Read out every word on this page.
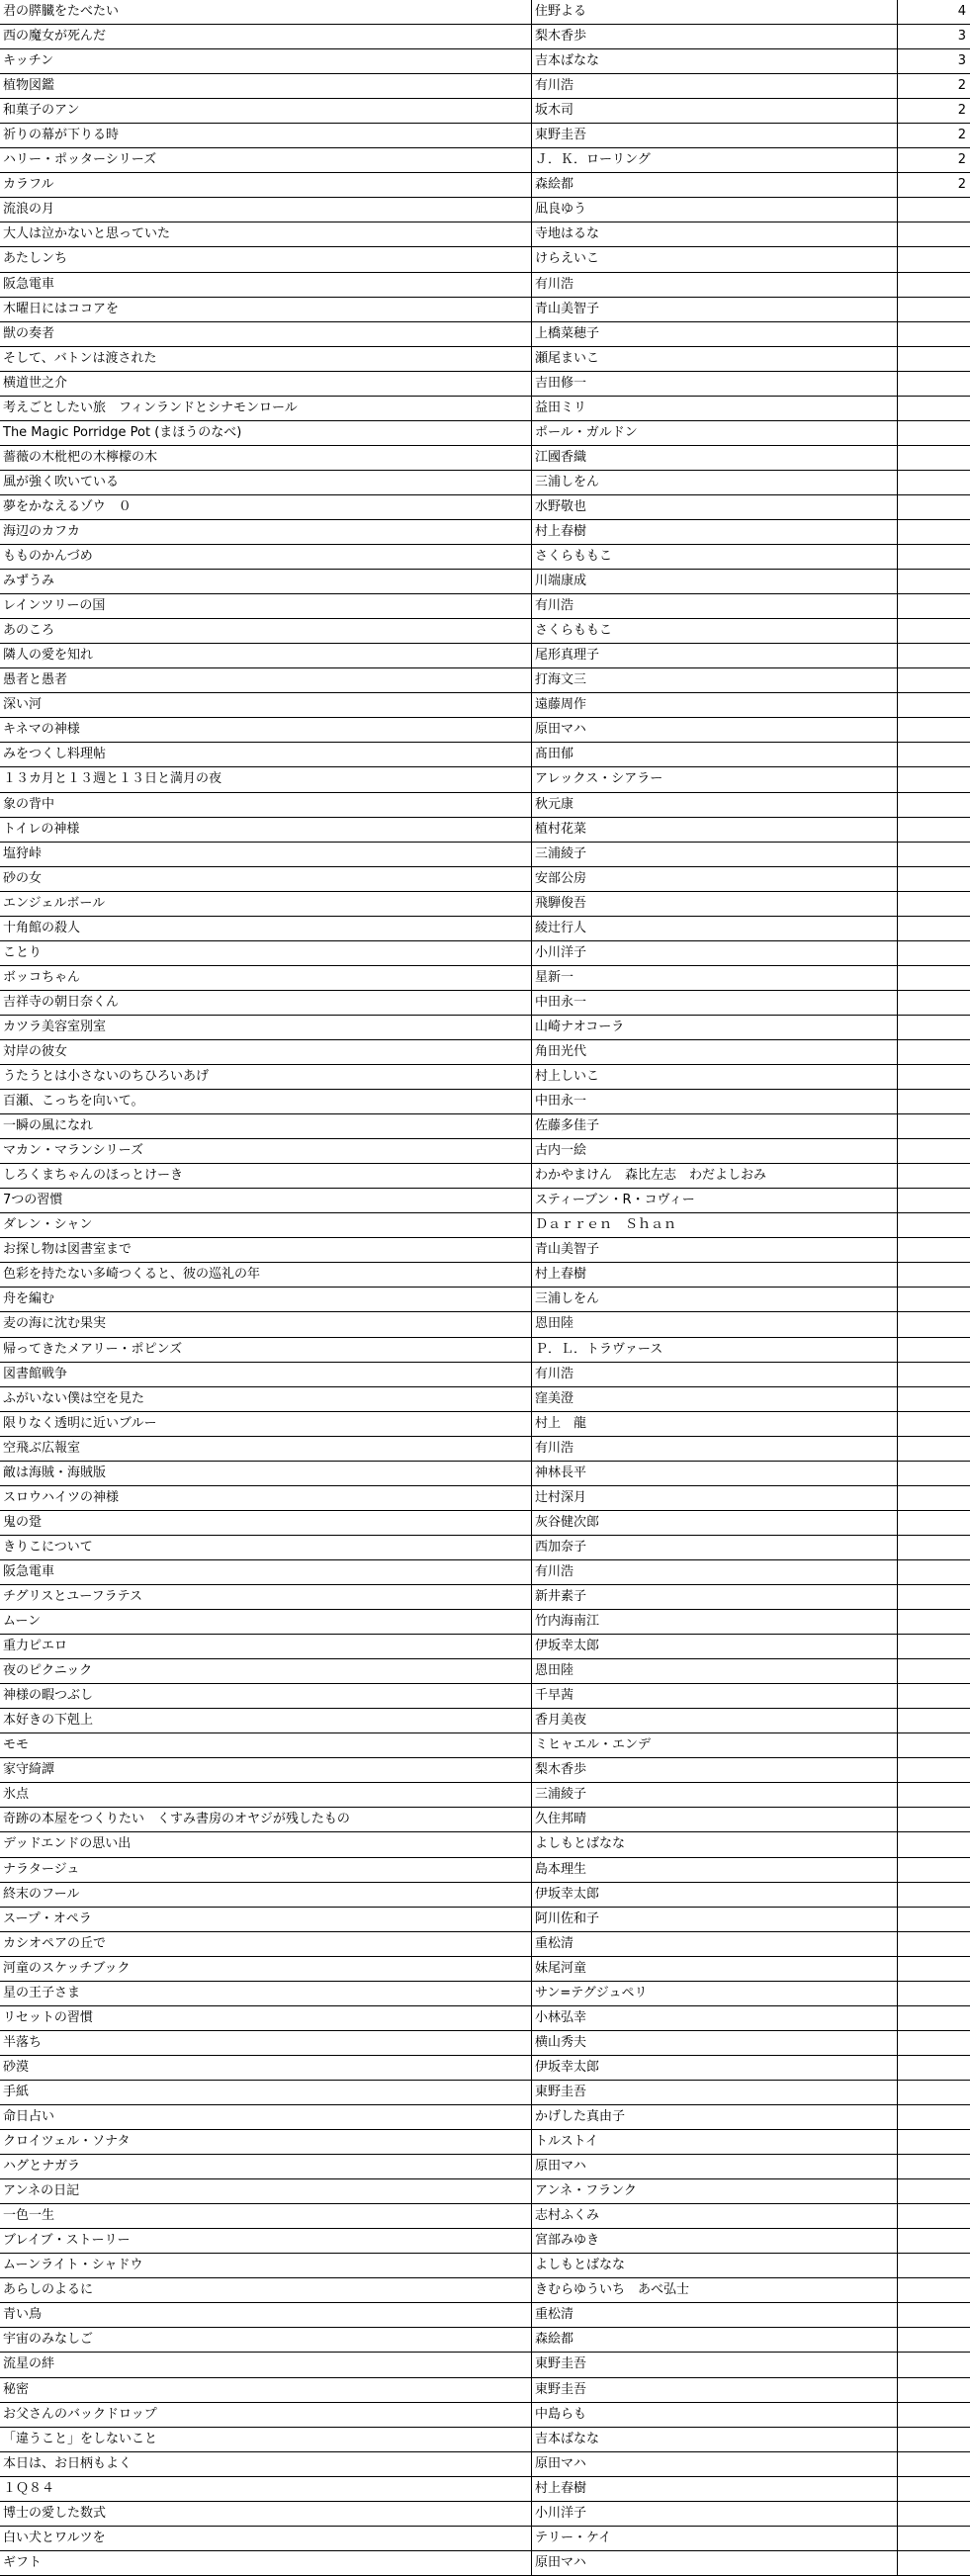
君の膵臓をたべたい	住野よる	4
西の魔女が死んだ	梨木香歩	3
キッチン	吉本ばなな	3
植物図鑑	有川浩	2
和菓子のアン	坂木司	2
祈りの幕が下りる時	東野圭吾	2
ハリー・ポッターシリーズ	Ｊ．Ｋ．ローリング	2
カラフル	森絵都	2
流浪の月	凪良ゆう
大人は泣かないと思っていた	寺地はるな
あたしンち	けらえいこ
阪急電車	有川浩
木曜日にはココアを	青山美智子
獣の奏者	上橋菜穂子
そして、バトンは渡された	瀬尾まいこ
横道世之介	吉田修一
考えごとしたい旅　フィンランドとシナモンロール	益田ミリ
The Magic Porridge Pot (まほうのなべ)	ポール・ガルドン
薔薇の木枇杷の木檸檬の木	江國香織
風が強く吹いている	三浦しをん
夢をかなえるゾウ　０	水野敬也
海辺のカフカ	村上春樹
もものかんづめ	さくらももこ
みずうみ	川端康成
レインツリーの国	有川浩
あのころ	さくらももこ
隣人の愛を知れ	尾形真理子
愚者と愚者	打海文三
深い河	遠藤周作
キネマの神様	原田マハ
みをつくし料理帖	髙田郁
１３カ月と１３週と１３日と満月の夜	アレックス・シアラー
象の背中	秋元康
トイレの神様	植村花菜
塩狩峠	三浦綾子
砂の女	安部公房
エンジェルボール	飛騨俊吾
十角館の殺人	綾辻行人
ことり	小川洋子
ボッコちゃん	星新一
吉祥寺の朝日奈くん	中田永一
カツラ美容室別室	山崎ナオコーラ
対岸の彼女	角田光代
うたうとは小さないのちひろいあげ	村上しいこ
百瀬、こっちを向いて。	中田永一
一瞬の風になれ	佐藤多佳子
マカン・マランシリーズ	古内一絵
しろくまちゃんのほっとけーき	わかやまけん　森比左志　わだよしおみ
7つの習慣	スティーブン・R・コヴィー
ダレン・シャン	Ｄａｒｒｅｎ　Ｓｈａｎ
お探し物は図書室まで	青山美智子
色彩を持たない多崎つくると、彼の巡礼の年	村上春樹
舟を編む	三浦しをん
麦の海に沈む果実	恩田陸
帰ってきたメアリー・ポピンズ	Ｐ．Ｌ．トラヴァース
図書館戦争	有川浩
ふがいない僕は空を見た	窪美澄
限りなく透明に近いブルー	村上　龍
空飛ぶ広報室	有川浩
敵は海賊・海賊版	神林長平
スロウハイツの神様	辻村深月
鬼の跫	灰谷健次郎
きりこについて	西加奈子
阪急電車	有川浩
チグリスとユーフラテス	新井素子
ムーン	竹内海南江
重力ピエロ	伊坂幸太郎
夜のピクニック	恩田陸
神様の暇つぶし	千早茜
本好きの下剋上	香月美夜
モモ	ミヒャエル・エンデ
家守綺譚	梨木香歩
氷点	三浦綾子
奇跡の本屋をつくりたい　くすみ書房のオヤジが残したもの	久住邦晴
デッドエンドの思い出	よしもとばなな
ナラタージュ	島本理生
終末のフール	伊坂幸太郎
スープ・オペラ	阿川佐和子
カシオペアの丘で	重松清
河童のスケッチブック	妹尾河童
星の王子さま	サン=テグジュペリ
リセットの習慣	小林弘幸
半落ち	横山秀夫
砂漠	伊坂幸太郎
手紙	東野圭吾
命日占い	かげした真由子
クロイツェル・ソナタ	トルストイ
ハグとナガラ	原田マハ
アンネの日記	アンネ・フランク
一色一生	志村ふくみ
ブレイブ・ストーリー	宮部みゆき
ムーンライト・シャドウ	よしもとばなな
あらしのよるに	きむらゆういち　あべ弘士
青い鳥	重松清
宇宙のみなしご	森絵都
流星の絆	東野圭吾
秘密	東野圭吾
お父さんのバックドロップ	中島らも
「違うこと」をしないこと	吉本ばなな
本日は、お日柄もよく	原田マハ
１Ｑ８４	村上春樹
博士の愛した数式	小川洋子
白い犬とワルツを	テリー・ケイ
ギフト	原田マハ
